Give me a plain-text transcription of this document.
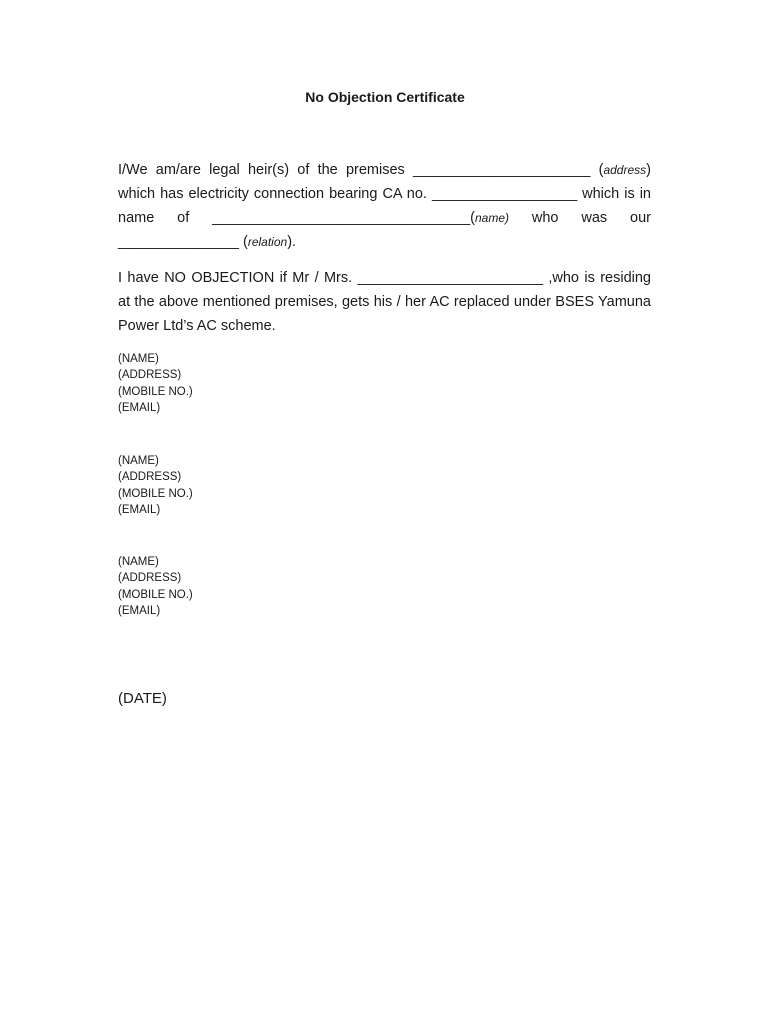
No Objection Certificate
I/We am/are legal heir(s) of the premises ______________________ (address) which has electricity connection bearing CA no. __________________ which is in name of ________________________________(name) who was our _______________ (relation).
I have NO OBJECTION if Mr / Mrs. _______________________ ,who is residing at the above mentioned premises, gets his / her AC replaced under BSES Yamuna Power Ltd’s AC scheme.
(NAME)
(ADDRESS)
(MOBILE NO.)
(EMAIL)
(NAME)
(ADDRESS)
(MOBILE NO.)
(EMAIL)
(NAME)
(ADDRESS)
(MOBILE NO.)
(EMAIL)
(DATE)
